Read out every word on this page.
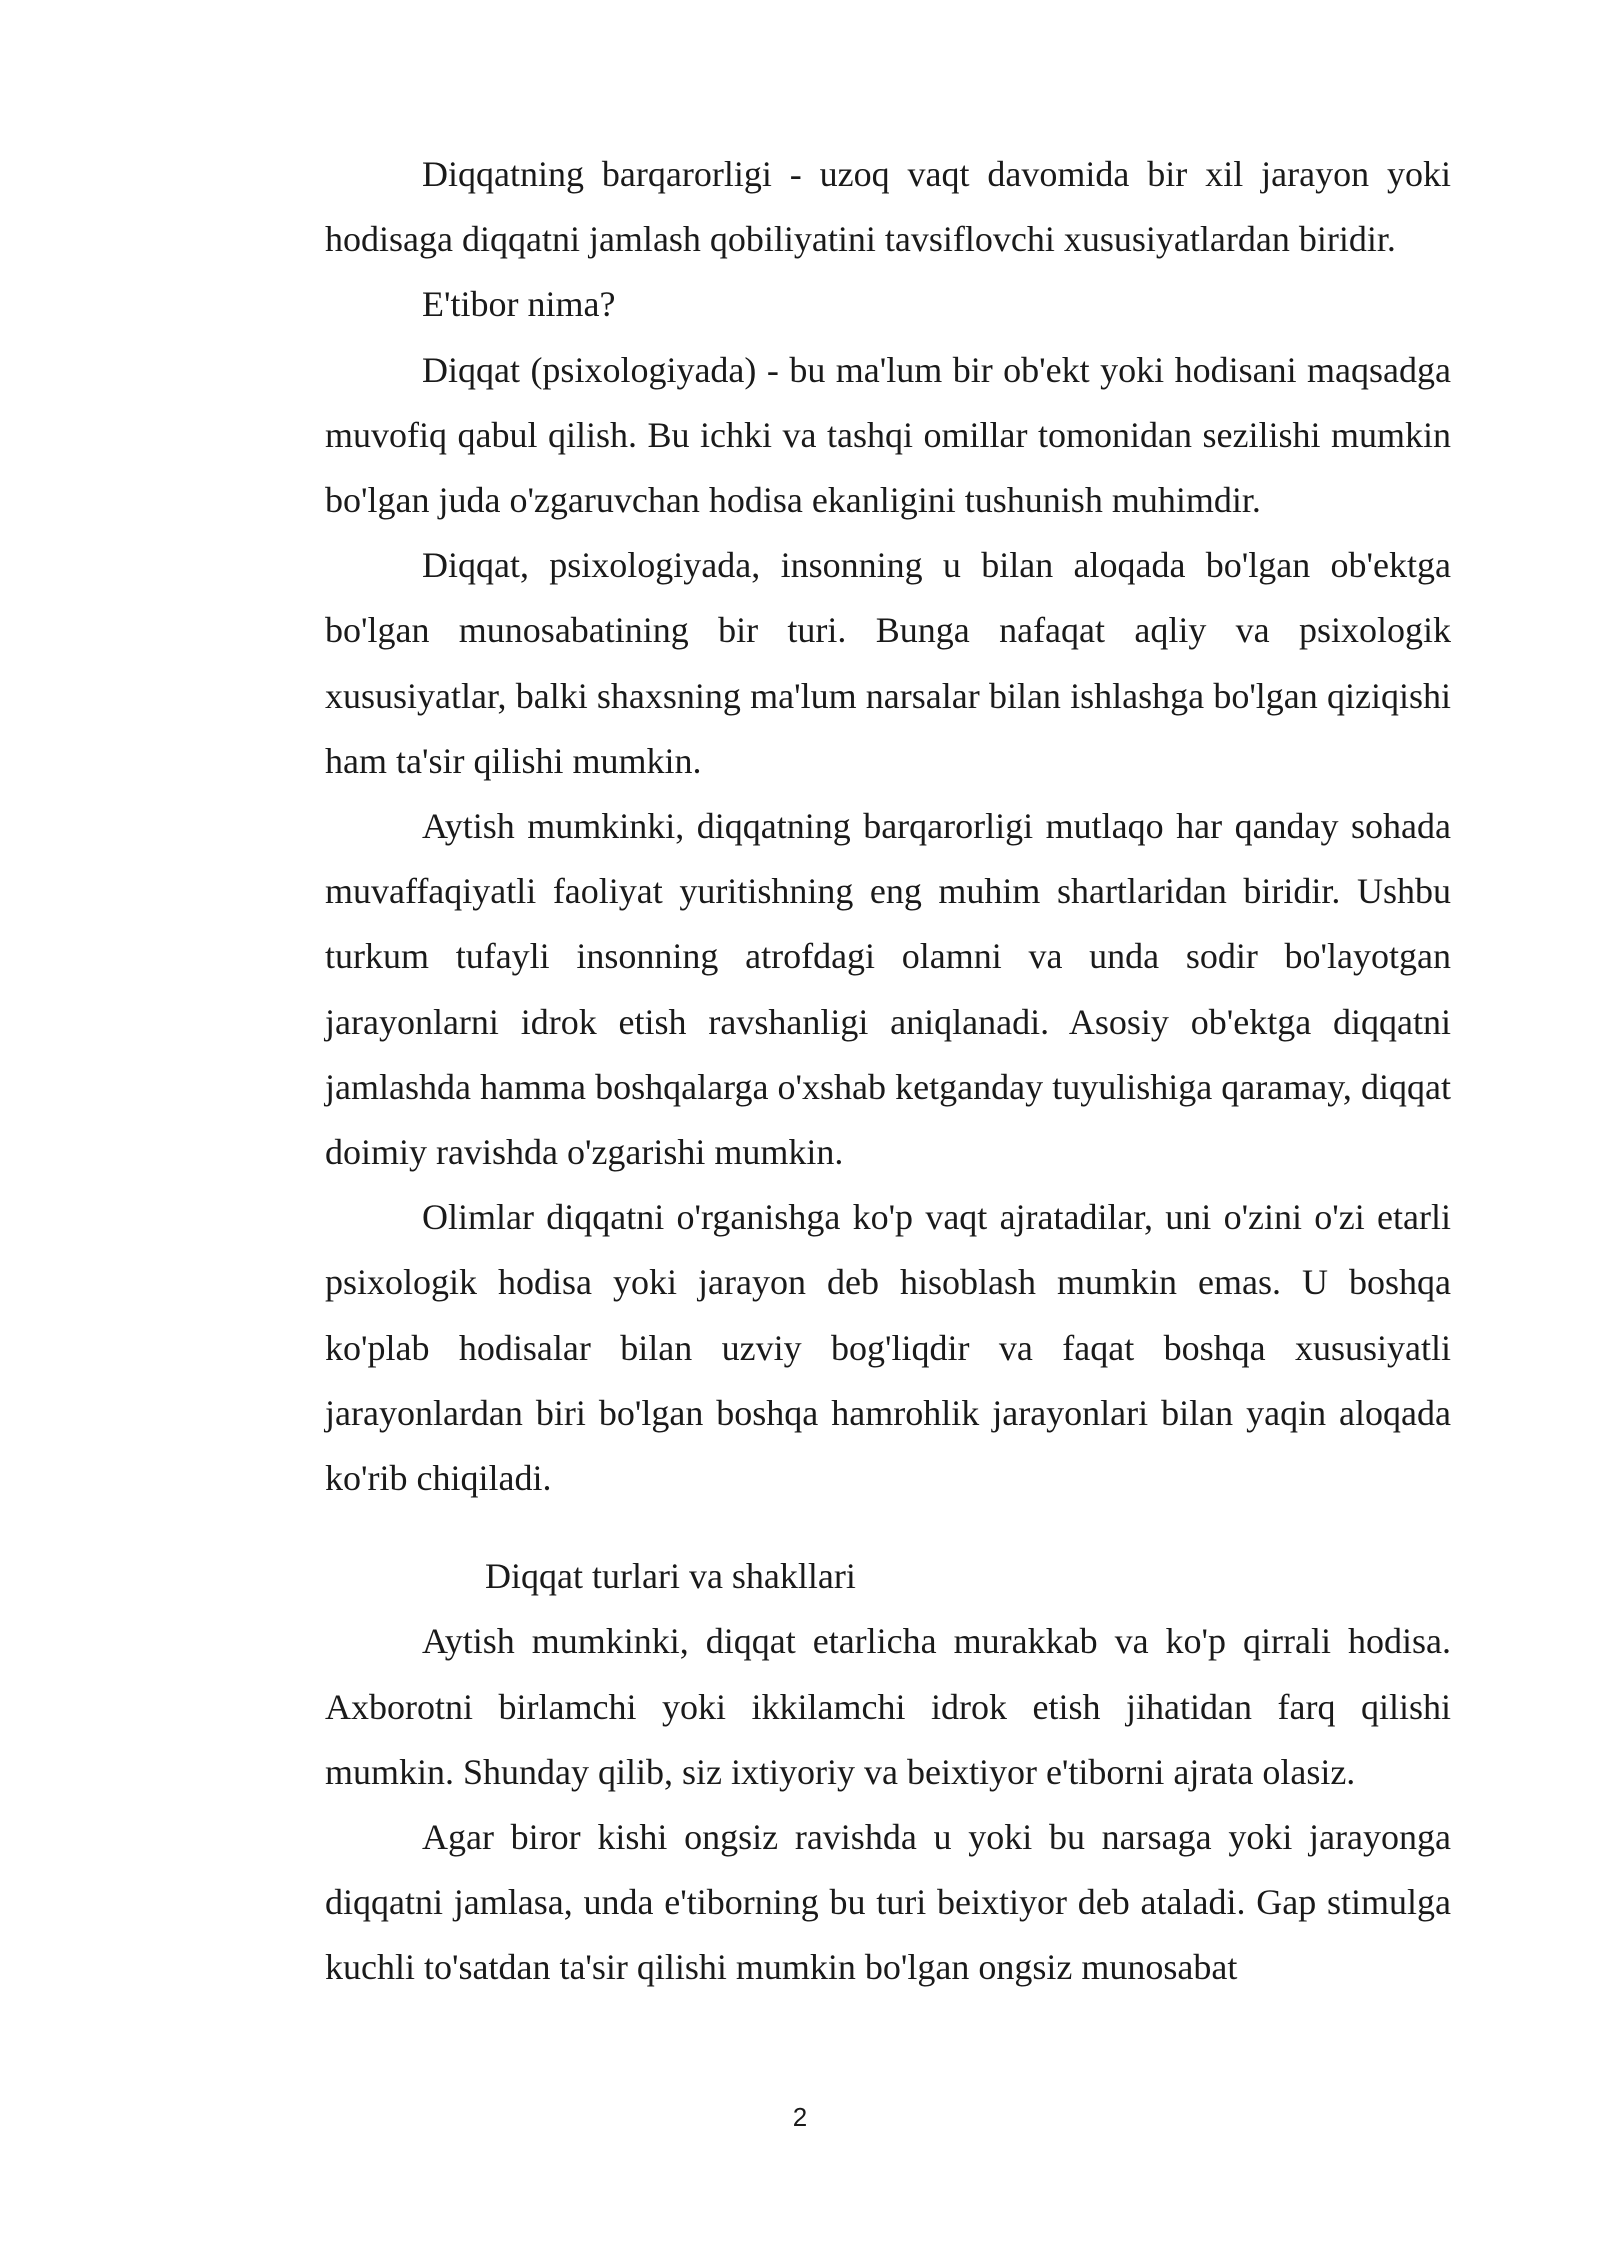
Diqqatning barqarorligi - uzoq vaqt davomida bir xil jarayon yoki hodisaga diqqatni jamlash qobiliyatini tavsiflovchi xususiyatlardan biridir.

E'tibor nima?

Diqqat (psixologiyada) - bu ma'lum bir ob'ekt yoki hodisani maqsadga muvofiq qabul qilish. Bu ichki va tashqi omillar tomonidan sezilishi mumkin bo'lgan juda o'zgaruvchan hodisa ekanligini tushunish muhimdir.

Diqqat, psixologiyada, insonning u bilan aloqada bo'lgan ob'ektga bo'lgan munosabatining bir turi. Bunga nafaqat aqliy va psixologik xususiyatlar, balki shaxsning ma'lum narsalar bilan ishlashga bo'lgan qiziqishi ham ta'sir qilishi mumkin.

Aytish mumkinki, diqqatning barqarorligi mutlaqo har qanday sohada muvaffaqiyatli faoliyat yuritishning eng muhim shartlaridan biridir. Ushbu turkum tufayli insonning atrofdagi olamni va unda sodir bo'layotgan jarayonlarni idrok etish ravshanligi aniqlanadi. Asosiy ob'ektga diqqatni jamlashda hamma boshqalarga o'xshab ketganday tuyulishiga qaramay, diqqat doimiy ravishda o'zgarishi mumkin.

Olimlar diqqatni o'rganishga ko'p vaqt ajratadilar, uni o'zini o'zi etarli psixologik hodisa yoki jarayon deb hisoblash mumkin emas. U boshqa ko'plab hodisalar bilan uzviy bog'liqdir va faqat boshqa xususiyatli jarayonlardan biri bo'lgan boshqa hamrohlik jarayonlari bilan yaqin aloqada ko'rib chiqiladi.

Diqqat turlari va shakllari

Aytish mumkinki, diqqat etarlicha murakkab va ko'p qirrali hodisa. Axborotni birlamchi yoki ikkilamchi idrok etish jihatidan farq qilishi mumkin. Shunday qilib, siz ixtiyoriy va beixtiyor e'tiborni ajrata olasiz.

Agar biror kishi ongsiz ravishda u yoki bu narsaga yoki jarayonga diqqatni jamlasa, unda e'tiborning bu turi beixtiyor deb ataladi. Gap stimulga kuchli to'satdan ta'sir qilishi mumkin bo'lgan ongsiz munosabat

2
